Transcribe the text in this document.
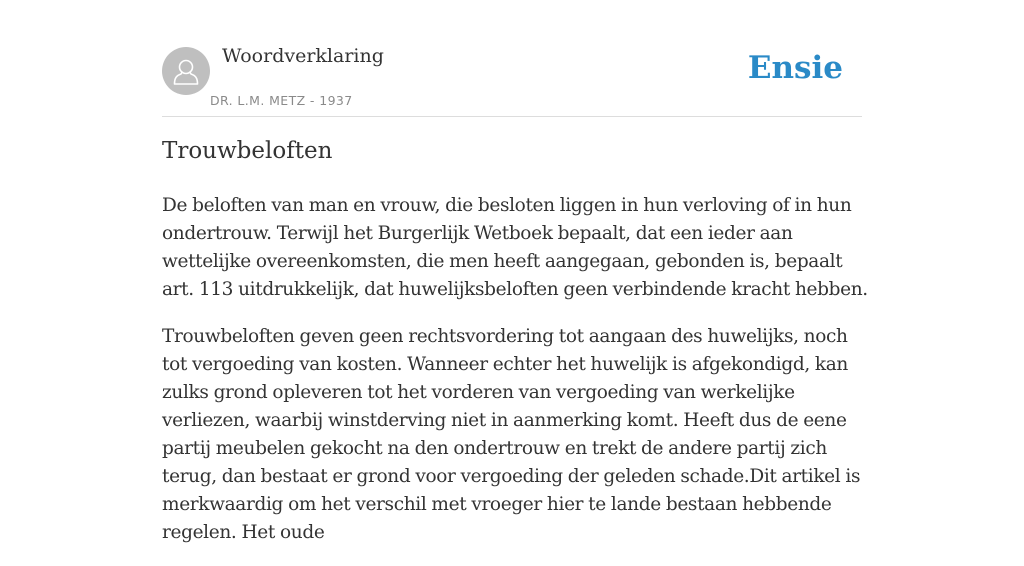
Woordverklaring
DR. L.M. METZ - 1937
Ensie
Trouwbeloften

De beloften van man en vrouw, die besloten liggen in hun verloving of in hun ondertrouw. Terwijl het Burgerlijk Wetboek bepaalt, dat een ieder aan wettelijke overeenkomsten, die men heeft aangegaan, gebonden is, bepaalt art. 113 uitdrukkelijk, dat huwelijksbeloften geen verbindende kracht hebben.

Trouwbeloften geven geen rechtsvordering tot aangaan des huwelijks, noch tot vergoeding van kosten. Wanneer echter het huwelijk is afgekondigd, kan zulks grond opleveren tot het vorderen van vergoeding van werkelijke verliezen, waarbij winstderving niet in aanmerking komt. Heeft dus de eene partij meubelen gekocht na den ondertrouw en trekt de andere partij zich terug, dan bestaat er grond voor vergoeding der geleden schade.Dit artikel is merkwaardig om het verschil met vroeger hier te lande bestaan hebbende regelen. Het oude
